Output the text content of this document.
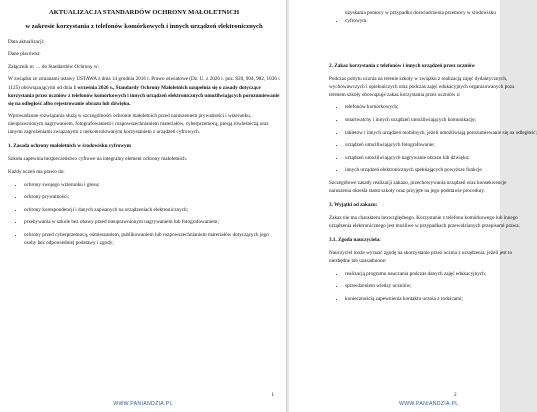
AKTUALIZACJA STANDARDÓW OCHRONY MAŁOLETNICH
w zakresie korzystania z telefonów komórkowych i innych urządzeń elektronicznych

Data aktualizacji:

Dane placówki:

Załącznik nr … do Standardów Ochrony w:

W związku ze zmianami ustawy USTAWA z dnia 14 grudnia 2016 r. Prawo oświatowe (Dz. U. z 2026 r. poz. 820, 904, 982, 1036 i 1125) obowiązującymi od dnia 1 września 2026 r., Standardy Ochrony Małoletnich uzupełnia się o zasady dotyczące korzystania przez uczniów z telefonów komórkowych i innych urządzeń elektronicznych umożliwiających porozumiewanie się na odległość albo rejestrowanie obrazu lub dźwięku.

Wprowadzone rozwiązania służą w szczególności ochronie małoletnich przed naruszeniem prywatności i wizerunku, nieuprawnionym nagrywaniem, fotografowaniem i rozpowszechnianiem materiałów, cyberprzemocą, presją rówieśniczą oraz innymi zagrożeniami związanymi z niekontrolowanym korzystaniem z urządzeń cyfrowych.

1. Zasada ochrony małoletnich w środowisku cyfrowym

Szkoła zapewnia bezpieczeństwo cyfrowe na integralny element ochrony małoletnich.

Każdy uczeń ma prawo do:

• ochrony swojego wizerunku i głosu;
• ochrony prywatności;
• ochrony korespondencji i danych zapisanych na urządzeniach elektronicznych;
• przebywania w szkole bez obawy przed nieuprawnionym nagrywaniem lub fotografowaniem;
• ochrony przed cyberprzemocą, ośmieszaniem, publikowaniem lub rozpowszechnianiem materiałów dotyczących jego osoby bez odpowiedniej podstawy i zgody;
1
WWW.PANIANDZIA.PL
• uzyskania pomocy w przypadku doświadczenia przemocy w środowisku cyfrowym.

2. Zakaz korzystania z telefonów i innych urządzeń przez uczniów

Podczas pobytu ucznia na terenie szkoły w związku z realizacją zajęć dydaktycznych, wychowawczych i opiekuńczych oraz podczas zajęć edukacyjnych organizowanych poza terenem szkoły obowiązuje zakaz korzystania przez uczniów z:

• telefonów komórkowych;
• smartwatchy i innych urządzeń umożliwiających komunikację;
• tabletów i innych urządzeń mobilnych, jeżeli umożliwiają porozumiewanie się na odległość;
• urządzeń umożliwiających fotografowanie;
• urządzeń umożliwiających nagrywanie obrazu lub dźwięku;
• innych urządzeń elektronicznych spełniających powyższe funkcje.

Szczegółowe zasady realizacji zakazu, przechowywania urządzeń oraz konsekwencje naruszenia określa statut szkoły oraz przyjęte na jego podstawie procedury.

3. Wyjątki od zakazu:

Zakaz nie ma charakteru bezwzględnego. Korzystanie z telefonu komórkowego lub innego urządzenia elektronicznego jest możliwe w przypadkach przewidzianych przepisami prawa.

3.1. Zgoda nauczyciela:

Nauczyciel może wyrazić zgodę na skorzystanie przez ucznia z urządzenia, jeżeli jest to niezbędne lub uzasadnione:

• realizacją programu nauczania podczas danych zajęć edukacyjnych;
• sprawdzeniem wiedzy uczniów;
• koniecznością zapewnienia kontaktu ucznia z rodzicami;
2
WWW.PANIANDZIA.PL
